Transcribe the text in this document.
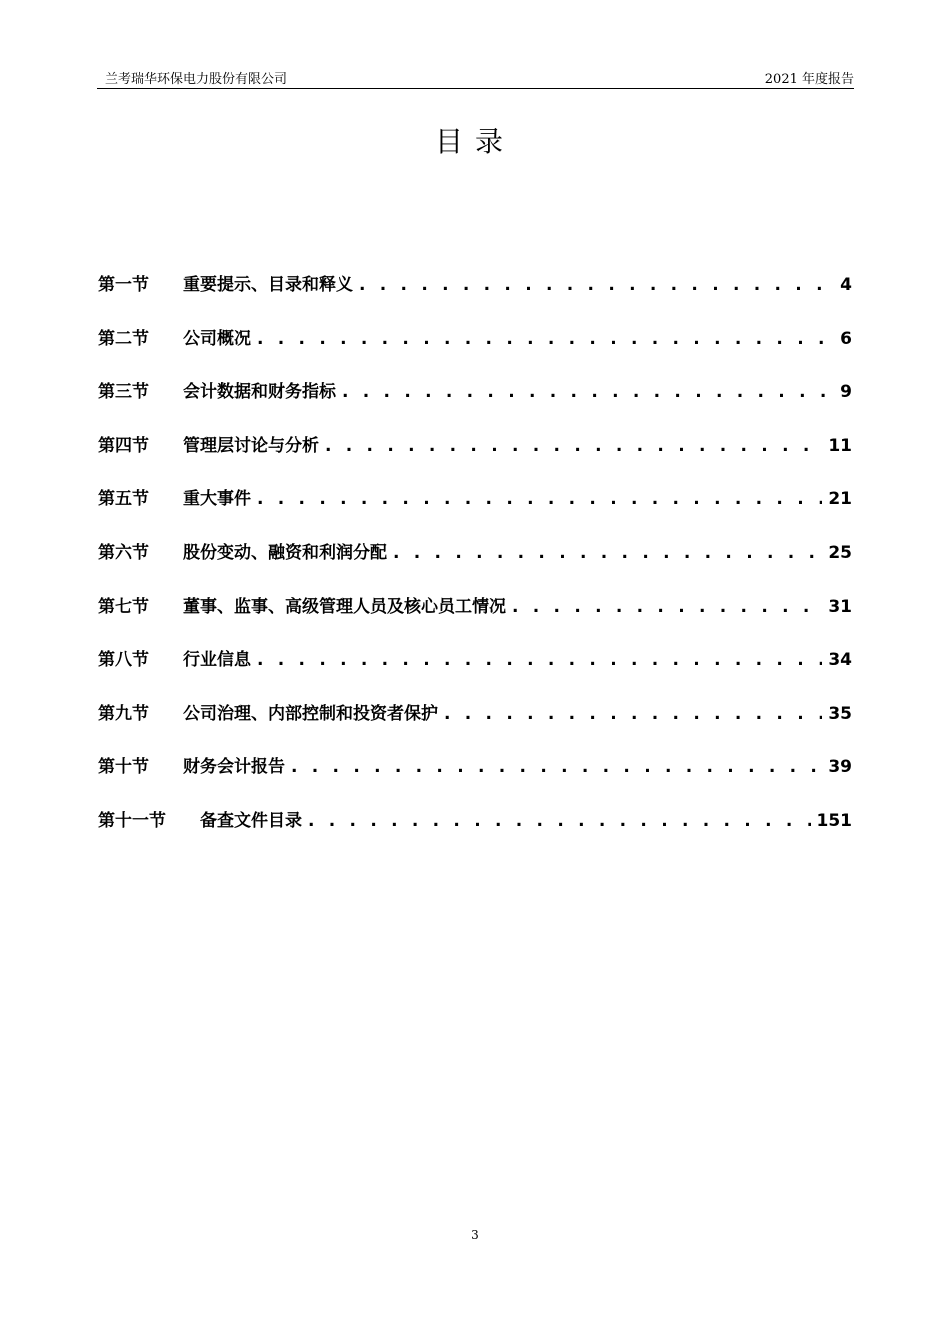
兰考瑞华环保电力股份有限公司	2021 年度报告
目录
第一节	重要提示、目录和释义 . . .	4
第二节	公司概况 . . .	6
第三节	会计数据和财务指标 . . .	9
第四节	管理层讨论与分析 . . .	11
第五节	重大事件 . . .	21
第六节	股份变动、融资和利润分配 . . .	25
第七节	董事、监事、高级管理人员及核心员工情况 . . .	31
第八节	行业信息 . . .	34
第九节	公司治理、内部控制和投资者保护 . . .	35
第十节	财务会计报告 . . .	39
第十一节	备查文件目录 . . .	151
3
